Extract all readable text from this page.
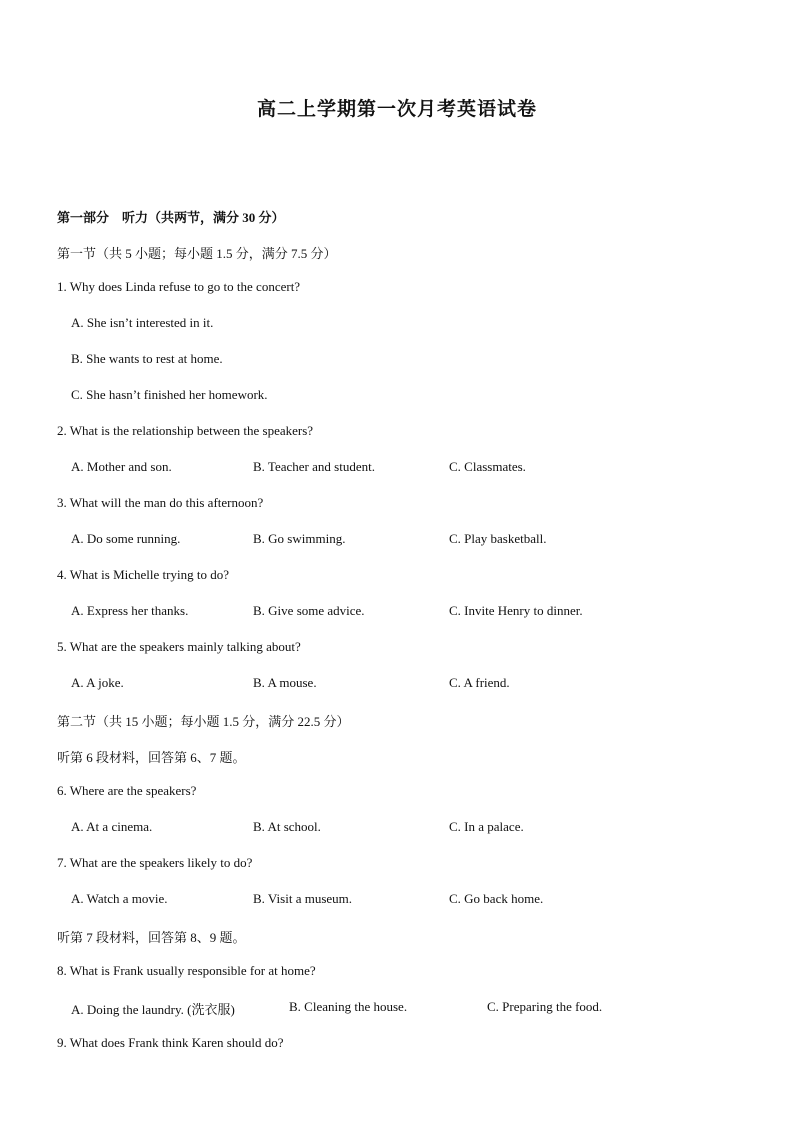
高二上学期第一次月考英语试卷
第一部分　听力（共两节，满分 30 分）
第一节（共 5 小题；每小题 1.5 分，满分 7.5 分）
1. Why does Linda refuse to go to the concert?
A. She isn’t interested in it.
B. She wants to rest at home.
C. She hasn’t finished her homework.
2. What is the relationship between the speakers?
A. Mother and son.	B. Teacher and student.	C. Classmates.
3. What will the man do this afternoon?
A. Do some running.	B. Go swimming.	C. Play basketball.
4. What is Michelle trying to do?
A. Express her thanks.	B. Give some advice.	C. Invite Henry to dinner.
5. What are the speakers mainly talking about?
A. A joke.	B. A mouse.	C. A friend.
第二节（共 15 小题；每小题 1.5 分，满分 22.5 分）
听第 6 段材料，回答第 6、7 题。
6. Where are the speakers?
A. At a cinema.	B. At school.	C. In a palace.
7. What are the speakers likely to do?
A. Watch a movie.	B. Visit a museum.	C. Go back home.
听第 7 段材料，回答第 8、9 题。
8. What is Frank usually responsible for at home?
A. Doing the laundry. (洗衣服)	B. Cleaning the house.	C. Preparing the food.
9. What does Frank think Karen should do?
